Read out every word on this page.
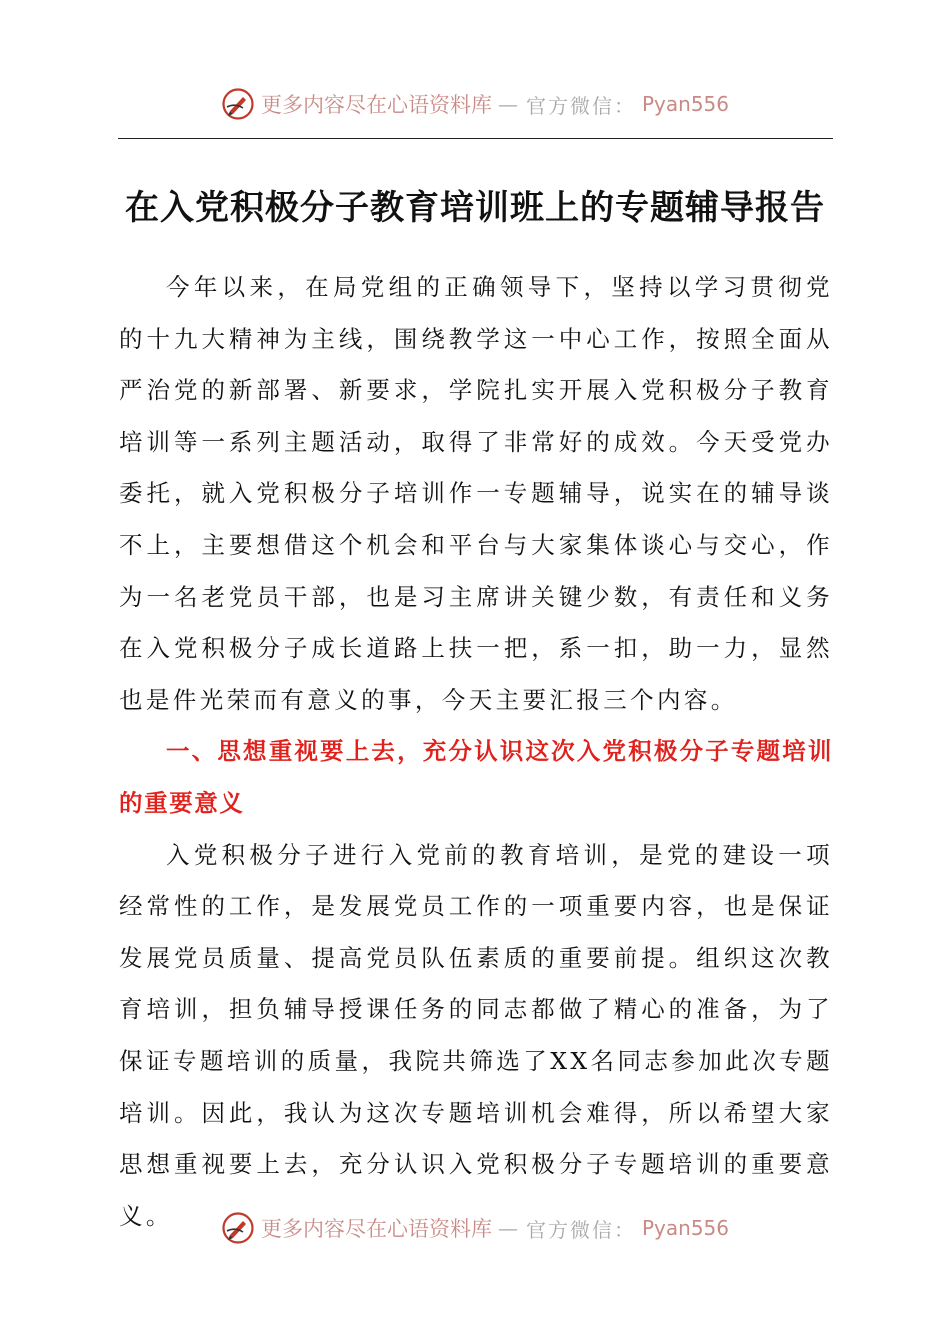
更多内容尽在心语资料库 — 官方微信： Pyan556
在入党积极分子教育培训班上的专题辅导报告

今年以来，在局党组的正确领导下，坚持以学习贯彻党的十九大精神为主线，围绕教学这一中心工作，按照全面从严治党的新部署、新要求，学院扎实开展入党积极分子教育培训等一系列主题活动，取得了非常好的成效。今天受党办委托，就入党积极分子培训作一专题辅导，说实在的辅导谈不上，主要想借这个机会和平台与大家集体谈心与交心，作为一名老党员干部，也是习主席讲关键少数，有责任和义务在入党积极分子成长道路上扶一把，系一扣，助一力，显然也是件光荣而有意义的事，今天主要汇报三个内容。

一、思想重视要上去，充分认识这次入党积极分子专题培训的重要意义

入党积极分子进行入党前的教育培训，是党的建设一项经常性的工作，是发展党员工作的一项重要内容，也是保证发展党员质量、提高党员队伍素质的重要前提。组织这次教育培训，担负辅导授课任务的同志都做了精心的准备，为了保证专题培训的质量，我院共筛选了XX名同志参加此次专题培训。因此，我认为这次专题培训机会难得，所以希望大家思想重视要上去，充分认识入党积极分子专题培训的重要意义。	更多内容尽在心语资料库 — 官方微信： Pyan556
